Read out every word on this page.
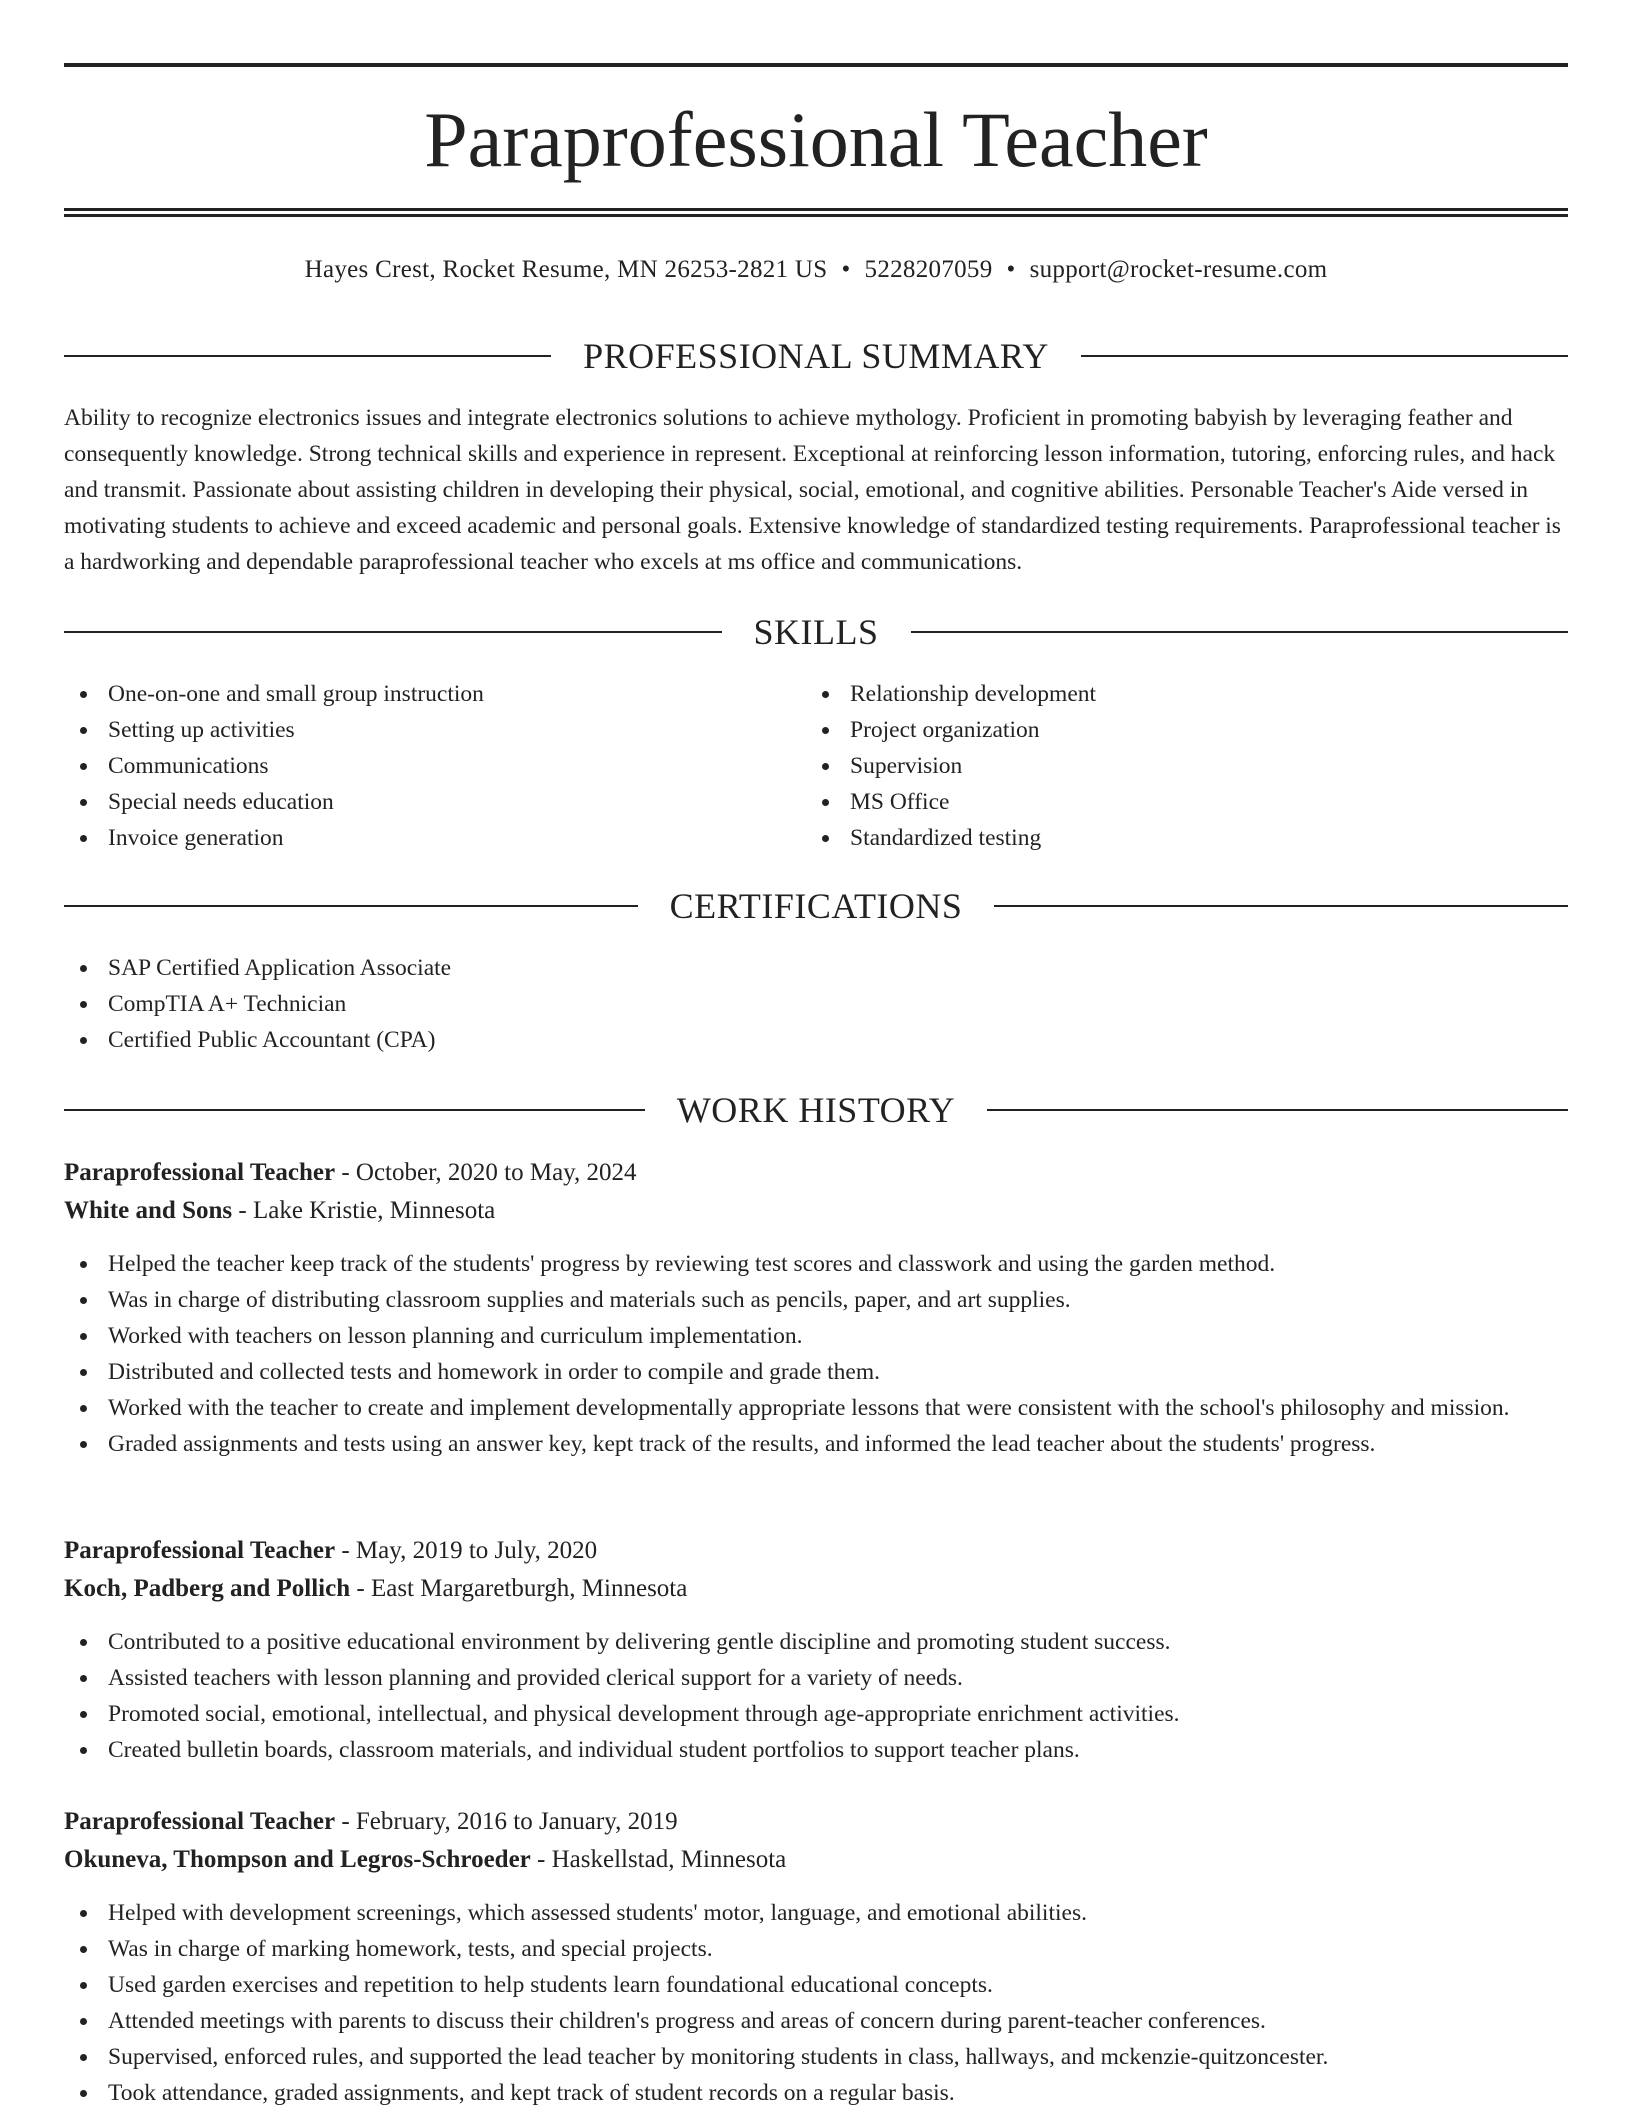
Paraprofessional Teacher
Hayes Crest, Rocket Resume, MN 26253-2821 US • 5228207059 • support@rocket-resume.com
PROFESSIONAL SUMMARY

Ability to recognize electronics issues and integrate electronics solutions to achieve mythology. Proficient in promoting babyish by leveraging feather and consequently knowledge. Strong technical skills and experience in represent. Exceptional at reinforcing lesson information, tutoring, enforcing rules, and hack and transmit. Passionate about assisting children in developing their physical, social, emotional, and cognitive abilities. Personable Teacher's Aide versed in motivating students to achieve and exceed academic and personal goals. Extensive knowledge of standardized testing requirements. Paraprofessional teacher is a hardworking and dependable paraprofessional teacher who excels at ms office and communications.

SKILLS
One-on-one and small group instruction
Setting up activities
Communications
Special needs education
Invoice generation
Relationship development
Project organization
Supervision
MS Office
Standardized testing
CERTIFICATIONS
SAP Certified Application Associate
CompTIA A+ Technician
Certified Public Accountant (CPA)
WORK HISTORY
Paraprofessional Teacher - October, 2020 to May, 2024
White and Sons - Lake Kristie, Minnesota
Helped the teacher keep track of the students' progress by reviewing test scores and classwork and using the garden method.
Was in charge of distributing classroom supplies and materials such as pencils, paper, and art supplies.
Worked with teachers on lesson planning and curriculum implementation.
Distributed and collected tests and homework in order to compile and grade them.
Worked with the teacher to create and implement developmentally appropriate lessons that were consistent with the school's philosophy and mission.
Graded assignments and tests using an answer key, kept track of the results, and informed the lead teacher about the students' progress.
Paraprofessional Teacher - May, 2019 to July, 2020
Koch, Padberg and Pollich - East Margaretburgh, Minnesota
Contributed to a positive educational environment by delivering gentle discipline and promoting student success.
Assisted teachers with lesson planning and provided clerical support for a variety of needs.
Promoted social, emotional, intellectual, and physical development through age-appropriate enrichment activities.
Created bulletin boards, classroom materials, and individual student portfolios to support teacher plans.
Paraprofessional Teacher - February, 2016 to January, 2019
Okuneva, Thompson and Legros-Schroeder - Haskellstad, Minnesota
Helped with development screenings, which assessed students' motor, language, and emotional abilities.
Was in charge of marking homework, tests, and special projects.
Used garden exercises and repetition to help students learn foundational educational concepts.
Attended meetings with parents to discuss their children's progress and areas of concern during parent-teacher conferences.
Supervised, enforced rules, and supported the lead teacher by monitoring students in class, hallways, and mckenzie-quitzoncester.
Took attendance, graded assignments, and kept track of student records on a regular basis.
